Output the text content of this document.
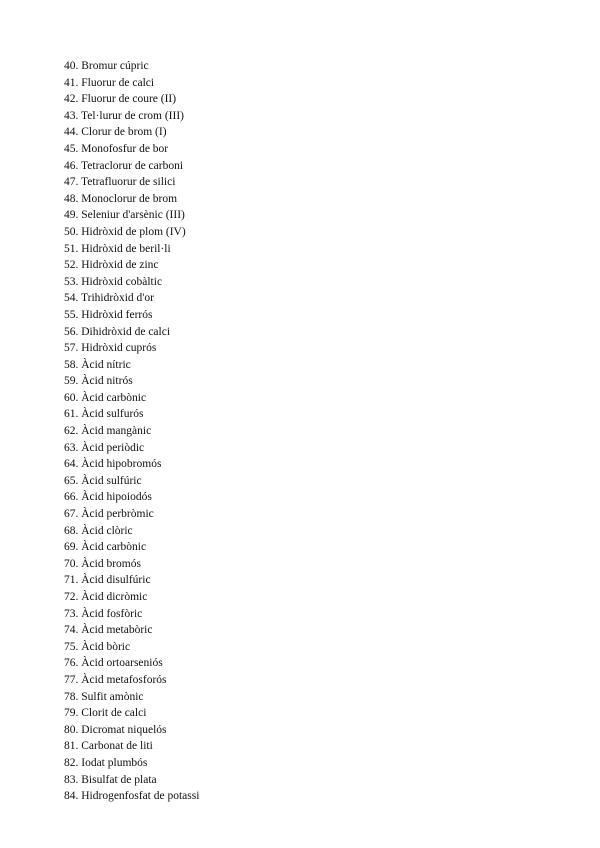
40. Bromur cúpric
41. Fluorur de calci
42. Fluorur de coure (II)
43. Tel·lurur de crom (III)
44. Clorur de brom (I)
45. Monofosfur de bor
46. Tetraclorur de carboni
47. Tetrafluorur de silici
48. Monoclorur de brom
49. Seleniur d'arsènic (III)
50. Hidròxid de plom (IV)
51. Hidròxid de beril·li
52. Hidròxid de zinc
53. Hidròxid cobàltic
54. Trihidròxid d'or
55. Hidròxid ferrós
56. Dihidròxid de calci
57. Hidròxid cuprós
58. Àcid nítric
59. Àcid nitrós
60. Àcid carbònic
61. Àcid sulfurós
62. Àcid mangànic
63. Àcid periòdic
64. Àcid hipobromós
65. Àcid sulfúric
66. Àcid hipoiodós
67. Àcid perbròmic
68. Àcid clòric
69. Àcid carbònic
70. Àcid bromós
71. Àcid disulfúric
72. Àcid dicròmic
73. Àcid fosfòric
74. Àcid metabòric
75. Àcid bòric
76. Àcid ortoarseniós
77. Àcid metafosforós
78. Sulfit amònic
79. Clorit de calci
80. Dicromat niquelós
81. Carbonat de liti
82. Iodat plumbós
83. Bisulfat de plata
84. Hidrogenfosfat de potassi
